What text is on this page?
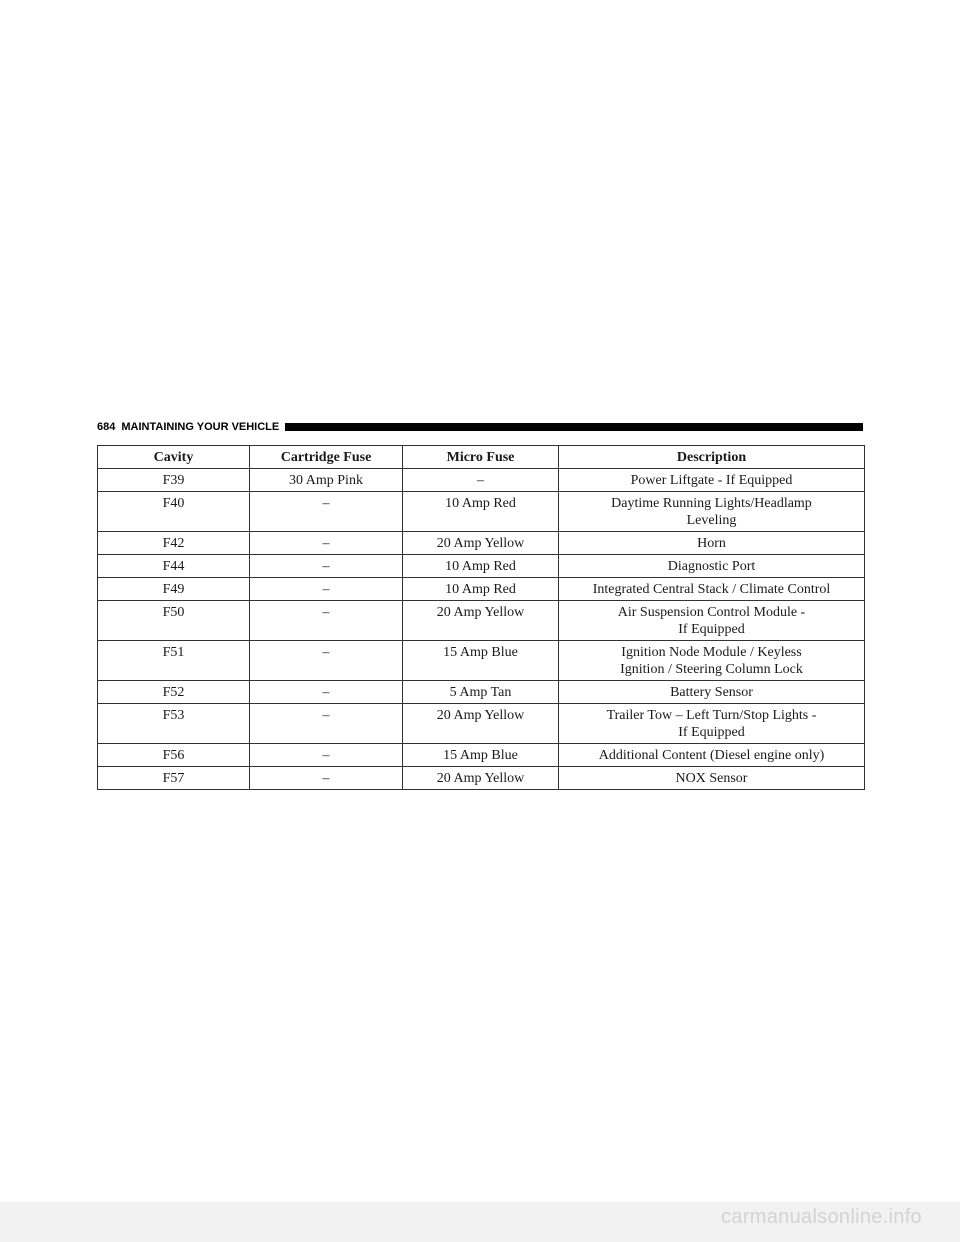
684 MAINTAINING YOUR VEHICLE
Cavity	Cartridge Fuse	Micro Fuse	Description
F39	30 Amp Pink	–	Power Liftgate - If Equipped
F40	–	10 Amp Red	Daytime Running Lights/Headlamp
Leveling
F42	–	20 Amp Yellow	Horn
F44	–	10 Amp Red	Diagnostic Port
F49	–	10 Amp Red	Integrated Central Stack / Climate Control
F50	–	20 Amp Yellow	Air Suspension Control Module -
If Equipped
F51	–	15 Amp Blue	Ignition Node Module / Keyless
Ignition / Steering Column Lock
F52	–	5 Amp Tan	Battery Sensor
F53	–	20 Amp Yellow	Trailer Tow – Left Turn/Stop Lights -
If Equipped
F56	–	15 Amp Blue	Additional Content (Diesel engine only)
F57	–	20 Amp Yellow	NOX Sensor
carmanualsonline.info
